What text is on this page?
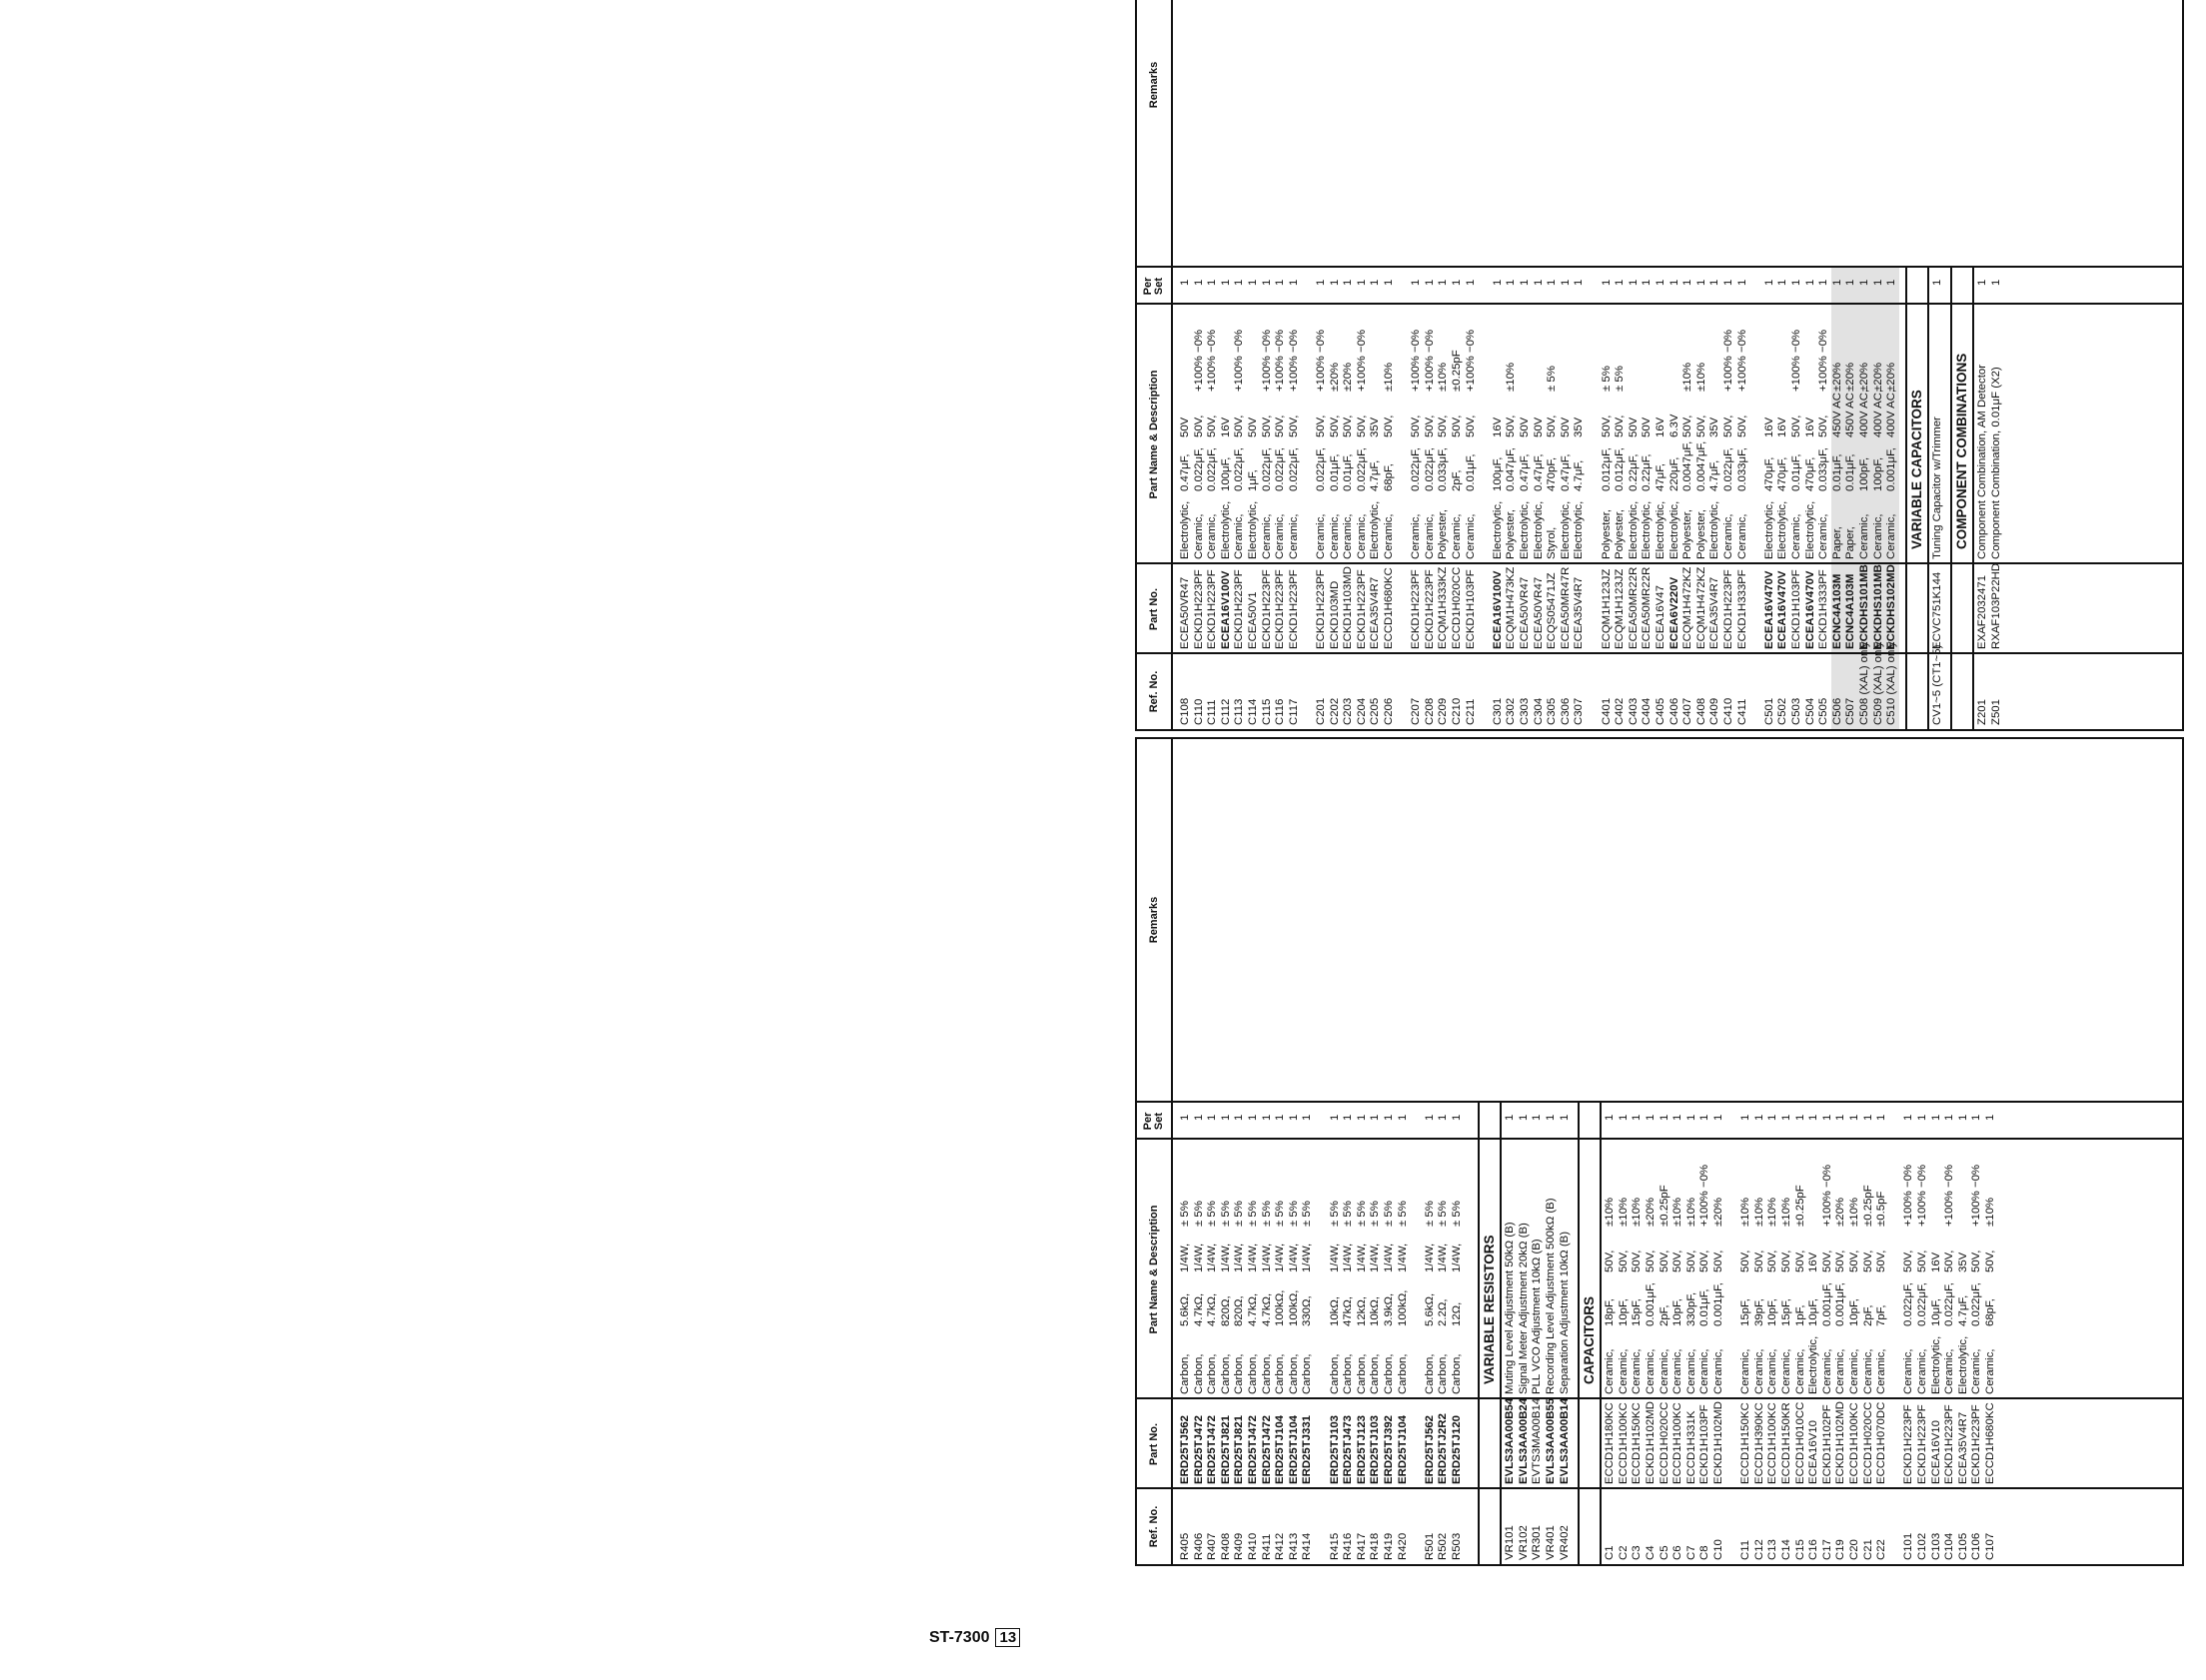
Ref. No.
Part No.
Part Name & Description
Per
Set
Remarks
R405
ERD25TJ562
Carbon,
5.6kΩ,
1/4W,
± 5%
1
R406
ERD25TJ472
Carbon,
4.7kΩ,
1/4W,
± 5%
1
R407
ERD25TJ472
Carbon,
4.7kΩ,
1/4W,
± 5%
1
R408
ERD25TJ821
Carbon,
820Ω,
1/4W,
± 5%
1
R409
ERD25TJ821
Carbon,
820Ω,
1/4W,
± 5%
1
R410
ERD25TJ472
Carbon,
4.7kΩ,
1/4W,
± 5%
1
R411
ERD25TJ472
Carbon,
4.7kΩ,
1/4W,
± 5%
1
R412
ERD25TJ104
Carbon,
100kΩ,
1/4W,
± 5%
1
R413
ERD25TJ104
Carbon,
100kΩ,
1/4W,
± 5%
1
R414
ERD25TJ331
Carbon,
330Ω,
1/4W,
± 5%
1
R415
ERD25TJ103
Carbon,
10kΩ,
1/4W,
± 5%
1
R416
ERD25TJ473
Carbon,
47kΩ,
1/4W,
± 5%
1
R417
ERD25TJ123
Carbon,
12kΩ,
1/4W,
± 5%
1
R418
ERD25TJ103
Carbon,
10kΩ,
1/4W,
± 5%
1
R419
ERD25TJ392
Carbon,
3.9kΩ,
1/4W,
± 5%
1
R420
ERD25TJ104
Carbon,
100kΩ,
1/4W,
± 5%
1
R501
ERD25TJ562
Carbon,
5.6kΩ,
1/4W,
± 5%
1
R502
ERD25TJ2R2
Carbon,
2.2Ω,
1/4W,
± 5%
1
R503
ERD25TJ120
Carbon,
12Ω,
1/4W,
± 5%
1
VARIABLE RESISTORS
VR101
EVLS3AA00B54
Muting Level Adjustment 50kΩ (B)
1
VR102
EVLS3AA00B24
Signal Meter Adjustment 20kΩ (B)
1
VR301
EVTS3MA00B14
PLL VCO Adjustment 10kΩ (B)
1
VR401
EVLS3AA00B55
Recording Level Adjustment 500kΩ (B)
1
VR402
EVLS3AA00B14
Separation Adjustment 10kΩ (B)
1
CAPACITORS
C1
ECCD1H180KC
Ceramic,
18pF,
50V,
±10%
1
C2
ECCD1H100KC
Ceramic,
10pF,
50V,
±10%
1
C3
ECCD1H150KC
Ceramic,
15pF,
50V,
±10%
1
C4
ECKD1H102MD
Ceramic,
0.001μF,
50V,
±20%
1
C5
ECCD1H020CC
Ceramic,
2pF,
50V,
±0.25pF
1
C6
ECCD1H100KC
Ceramic,
10pF,
50V,
±10%
1
C7
ECCD1H331K
Ceramic,
330pF,
50V,
±10%
1
C8
ECKD1H103PF
Ceramic,
0.01μF,
50V,
+100% −0%
1
C10
ECKD1H102MD
Ceramic,
0.001μF,
50V,
±20%
1
C11
ECCD1H150KC
Ceramic,
15pF,
50V,
±10%
1
C12
ECCD1H390KC
Ceramic,
39pF,
50V,
±10%
1
C13
ECCD1H100KC
Ceramic,
10pF,
50V,
±10%
1
C14
ECCD1H150KR
Ceramic,
15pF,
50V,
±10%
1
C15
ECCD1H010CC
Ceramic,
1pF,
50V,
±0.25pF
1
C16
ECEA16V10
Electrolytic,
10μF,
16V
1
C17
ECKD1H102PF
Ceramic,
0.001μF,
50V,
+100% −0%
1
C19
ECKD1H102MD
Ceramic,
0.001μF,
50V,
±20%
1
C20
ECCD1H100KC
Ceramic,
10pF,
50V,
±10%
1
C21
ECCD1H020CC
Ceramic,
2pF,
50V,
±0.25pF
1
C22
ECCD1H070DC
Ceramic,
7pF,
50V,
±0.5pF
1
C101
ECKD1H223PF
Ceramic,
0.022μF,
50V,
+100% −0%
1
C102
ECKD1H223PF
Ceramic,
0.022μF,
50V,
+100% −0%
1
C103
ECEA16V10
Electrolytic,
10μF,
16V
1
C104
ECKD1H223PF
Ceramic,
0.022μF,
50V,
+100% −0%
1
C105
ECEA35V4R7
Electrolytic,
4.7μF,
35V
1
C106
ECKD1H223PF
Ceramic,
0.022μF,
50V,
+100% −0%
1
C107
ECCD1H680KC
Ceramic,
68pF,
50V,
±10%
1
Ref. No.
Part No.
Part Name & Description
Per
Set
Remarks
C108
ECEA50VR47
Electrolytic,
0.47μF,
50V
1
C110
ECKD1H223PF
Ceramic,
0.022μF,
50V,
+100% −0%
1
C111
ECKD1H223PF
Ceramic,
0.022μF,
50V,
+100% −0%
1
C112
ECEA16V100V
Electrolytic,
100μF,
16V
1
C113
ECKD1H223PF
Ceramic,
0.022μF,
50V,
+100% −0%
1
C114
ECEA50V1
Electrolytic,
1μF,
50V
1
C115
ECKD1H223PF
Ceramic,
0.022μF,
50V,
+100% −0%
1
C116
ECKD1H223PF
Ceramic,
0.022μF,
50V,
+100% −0%
1
C117
ECKD1H223PF
Ceramic,
0.022μF,
50V,
+100% −0%
1
C201
ECKD1H223PF
Ceramic,
0.022μF,
50V,
+100% −0%
1
C202
ECKD103MD
Ceramic,
0.01μF,
50V,
±20%
1
C203
ECKD1H103MD
Ceramic,
0.01μF,
50V,
±20%
1
C204
ECKD1H223PF
Ceramic,
0.022μF,
50V,
+100% −0%
1
C205
ECEA35V4R7
Electrolytic,
4.7μF,
35V
1
C206
ECCD1H680KC
Ceramic,
68pF,
50V,
±10%
1
C207
ECKD1H223PF
Ceramic,
0.022μF,
50V,
+100% −0%
1
C208
ECKD1H223PF
Ceramic,
0.022μF,
50V,
+100% −0%
1
C209
ECQM1H333KZ
Polyester,
0.033μF,
50V,
±10%
1
C210
ECCD1H020CC
Ceramic,
2pF,
50V,
±0.25pF
1
C211
ECKD1H103PF
Ceramic,
0.01μF,
50V,
+100% −0%
1
C301
ECEA16V100V
Electrolytic,
100μF,
16V
1
C302
ECQM1H473KZ
Polyester,
0.047μF,
50V,
±10%
1
C303
ECEA50VR47
Electrolytic,
0.47μF,
50V
1
C304
ECEA50VR47
Electrolytic,
0.47μF,
50V
1
C305
ECQS05471JZ
Styrol,
470pF,
50V,
± 5%
1
C306
ECEA50MR47R
Electrolytic,
0.47μF,
50V
1
C307
ECEA35V4R7
Electrolytic,
4.7μF,
35V
1
C401
ECQM1H123JZ
Polyester,
0.012μF,
50V,
± 5%
1
C402
ECQM1H123JZ
Polyester,
0.012μF,
50V,
± 5%
1
C403
ECEA50MR22R
Electrolytic,
0.22μF,
50V
1
C404
ECEA50MR22R
Electrolytic,
0.22μF,
50V
1
C405
ECEA16V47
Electrolytic,
47μF,
16V
1
C406
ECEA6V220V
Electrolytic,
220μF,
6.3V
1
C407
ECQM1H472KZ
Polyester,
0.0047μF,
50V,
±10%
1
C408
ECQM1H472KZ
Polyester,
0.0047μF,
50V,
±10%
1
C409
ECEA35V4R7
Electrolytic,
4.7μF,
35V
1
C410
ECKD1H223PF
Ceramic,
0.022μF,
50V,
+100% −0%
1
C411
ECKD1H333PF
Ceramic,
0.033μF,
50V,
+100% −0%
1
C501
ECEA16V470V
Electrolytic,
470μF,
16V
1
C502
ECEA16V470V
Electrolytic,
470μF,
16V
1
C503
ECKD1H103PF
Ceramic,
0.01μF,
50V,
+100% −0%
1
C504
ECEA16V470V
Electrolytic,
470μF,
16V
1
C505
ECKD1H333PF
Ceramic,
0.033μF,
50V,
+100% −0%
1
C506
ECNC4A103M
Paper,
0.01μF,
450V AC
±20%
1
C507
ECNC4A103M
Paper,
0.01μF,
450V AC
±20%
1
C508 (XAL) only
ECKDHS101MB
Ceramic,
100pF,
400V AC,
±20%
1
C509 (XAL) only
ECKDHS101MB
Ceramic,
100pF,
400V AC,
±20%
1
C510 (XAL) only
ECKDHS102MD
Ceramic,
0.001μF,
400V AC,
±20%
1
VARIABLE CAPACITORS
CV1~5 (CT1~5)
ECVC751K144
Tuning Capacitor w/Trimmer
1
COMPONENT COMBINATIONS
Z201
EXAF2032471
Component Combination, AM Detector
1
Z501
RXAF103P22HD
Component Combination, 0.01μF (X2)
1
ST-7300 13
